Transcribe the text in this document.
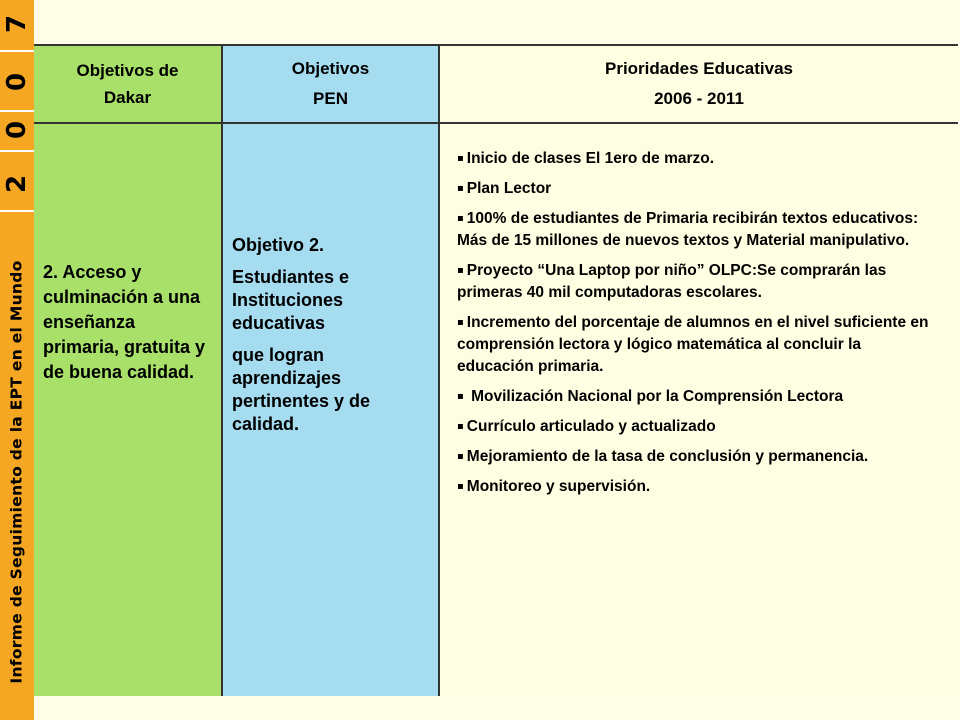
7
0
0
2
Informe de Seguimiento de la EPT en el Mundo
Objetivos de
Dakar
Objetivos
PEN
Prioridades Educativas
2006 - 2011
2. Acceso y culminación a una enseñanza primaria, gratuita y de buena calidad.
Objetivo 2.
Estudiantes e Instituciones educativas
que logran aprendizajes pertinentes y de calidad.
▪ Inicio de clases El 1ero de marzo.
▪ Plan Lector
▪ 100% de estudiantes de Primaria recibirán textos educativos: Más de 15 millones de nuevos textos y Material manipulativo.
▪ Proyecto “Una Laptop por niño” OLPC:Se comprarán las primeras 40 mil computadoras escolares.
▪ Incremento del porcentaje de alumnos en el nivel suficiente en comprensión lectora y lógico matemática al concluir la educación primaria.
▪ Movilización Nacional por la Comprensión Lectora
▪ Currículo articulado y actualizado
▪ Mejoramiento de la tasa de conclusión y permanencia.
▪ Monitoreo y supervisión.
